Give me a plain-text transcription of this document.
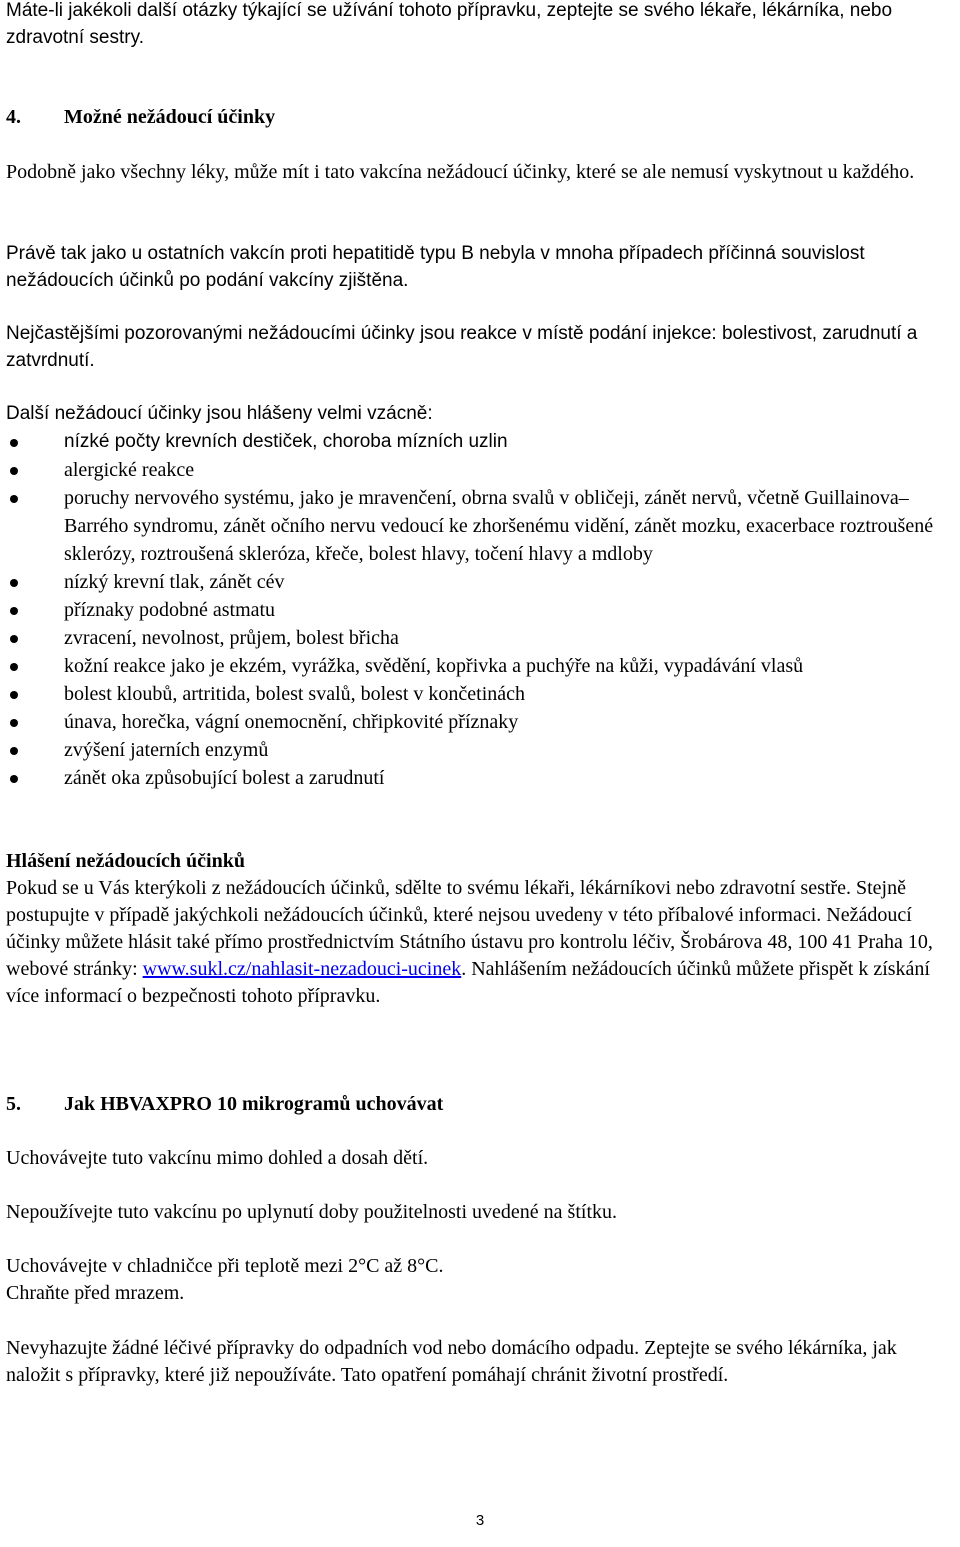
Máte-li jakékoli další otázky týkající se užívání tohoto přípravku, zeptejte se svého lékaře, lékárníka, nebo zdravotní sestry.

4.	Možné nežádoucí účinky

Podobně jako všechny léky, může mít i tato vakcína nežádoucí účinky, které se ale nemusí vyskytnout u každého.

Právě tak jako u ostatních vakcín proti hepatitidě typu B nebyla v mnoha případech příčinná souvislost nežádoucích účinků po podání vakcíny zjištěna.

Nejčastějšími pozorovanými nežádoucími účinky jsou reakce v místě podání injekce: bolestivost, zarudnutí a zatvrdnutí.

Další nežádoucí účinky jsou hlášeny velmi vzácně:

nízké počty krevních destiček, choroba mízních uzlin
alergické reakce
poruchy nervového systému, jako je mravenčení, obrna svalů v obličeji, zánět nervů, včetně Guillainova–Barrého syndromu, zánět očního nervu vedoucí ke zhoršenému vidění, zánět mozku, exacerbace roztroušené sklerózy, roztroušená skleróza, křeče, bolest hlavy, točení hlavy a mdloby
nízký krevní tlak, zánět cév
příznaky podobné astmatu
zvracení, nevolnost, průjem, bolest břicha
kožní reakce jako je ekzém, vyrážka, svědění, kopřivka a puchýře na kůži, vypadávání vlasů
bolest kloubů, artritida, bolest svalů, bolest v končetinách
únava, horečka, vágní onemocnění, chřipkovité příznaky
zvýšení jaterních enzymů
zánět oka způsobující bolest a zarudnutí
Hlášení nežádoucích účinků

Pokud se u Vás kterýkoli z nežádoucích účinků, sdělte to svému lékaři, lékárníkovi nebo zdravotní sestře. Stejně postupujte v případě jakýchkoli nežádoucích účinků, které nejsou uvedeny v této příbalové informaci. Nežádoucí účinky můžete hlásit také přímo prostřednictvím Státního ústavu pro kontrolu léčiv, Šrobárova 48, 100 41 Praha 10, webové stránky: www.sukl.cz/nahlasit-nezadouci-ucinek. Nahlášením nežádoucích účinků můžete přispět k získání více informací o bezpečnosti tohoto přípravku.

5.	Jak HBVAXPRO 10 mikrogramů uchovávat

Uchovávejte tuto vakcínu mimo dohled a dosah dětí.

Nepoužívejte tuto vakcínu po uplynutí doby použitelnosti uvedené na štítku.

Uchovávejte v chladničce při teplotě mezi 2°C až 8°C.
Chraňte před mrazem.

Nevyhazujte žádné léčivé přípravky do odpadních vod nebo domácího odpadu. Zeptejte se svého lékárníka, jak naložit s přípravky, které již nepoužíváte. Tato opatření pomáhají chránit životní prostředí.

3
